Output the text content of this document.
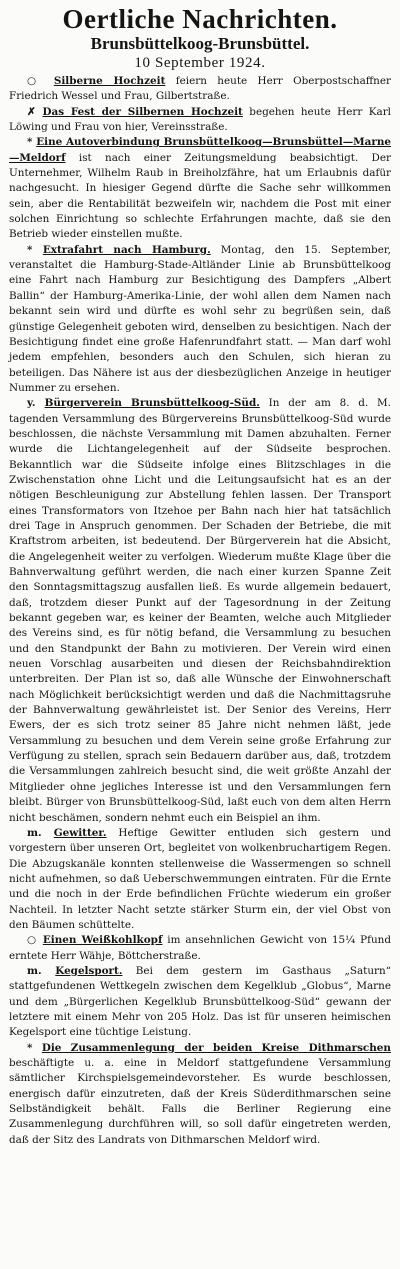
Oertliche Nachrichten.
Brunsbüttelkoog-Brunsbüttel.
10 September 1924.

○ Silberne Hochzeit feiern heute Herr Oberpostschaffner Friedrich Wessel und Frau, Gilbertstraße.

✗ Das Fest der Silbernen Hochzeit begehen heute Herr Karl Löwing und Frau von hier, Vereinsstraße.

* Eine Autoverbindung Brunsbüttelkoog—Brunsbüttel—Marne—Meldorf ist nach einer Zeitungsmeldung beabsichtigt. Der Unternehmer, Wilhelm Raub in Breiholzfähre, hat um Erlaubnis dafür nachgesucht. In hiesiger Gegend dürfte die Sache sehr willkommen sein, aber die Rentabilität bezweifeln wir, nachdem die Post mit einer solchen Einrichtung so schlechte Erfahrungen machte, daß sie den Betrieb wieder einstellen mußte.

* Extrafahrt nach Hamburg. Montag, den 15. September, veranstaltet die Hamburg-Stade-Altländer Linie ab Brunsbüttelkoog eine Fahrt nach Hamburg zur Besichtigung des Dampfers „Albert Ballin“ der Hamburg-Amerika-Linie, der wohl allen dem Namen nach bekannt sein wird und dürfte es wohl sehr zu begrüßen sein, daß günstige Gelegenheit geboten wird, denselben zu besichtigen. Nach der Besichtigung findet eine große Hafenrundfahrt statt. — Man darf wohl jedem empfehlen, besonders auch den Schulen, sich hieran zu beteiligen. Das Nähere ist aus der diesbezüglichen Anzeige in heutiger Nummer zu ersehen.

y. Bürgerverein Brunsbüttelkoog-Süd. In der am 8. d. M. tagenden Versammlung des Bürgervereins Brunsbüttelkoog-Süd wurde beschlossen, die nächste Versammlung mit Damen abzuhalten. Ferner wurde die Lichtangelegenheit auf der Südseite besprochen. Bekanntlich war die Südseite infolge eines Blitzschlages in die Zwischenstation ohne Licht und die Leitungsaufsicht hat es an der nötigen Beschleunigung zur Abstellung fehlen lassen. Der Transport eines Transformators von Itzehoe per Bahn nach hier hat tatsächlich drei Tage in Anspruch genommen. Der Schaden der Betriebe, die mit Kraftstrom arbeiten, ist bedeutend. Der Bürgerverein hat die Absicht, die Angelegenheit weiter zu verfolgen. Wiederum mußte Klage über die Bahnverwaltung geführt werden, die nach einer kurzen Spanne Zeit den Sonntagsmittagszug ausfallen ließ. Es wurde allgemein bedauert, daß, trotzdem dieser Punkt auf der Tagesordnung in der Zeitung bekannt gegeben war, es keiner der Beamten, welche auch Mitglieder des Vereins sind, es für nötig befand, die Versammlung zu besuchen und den Standpunkt der Bahn zu motivieren. Der Verein wird einen neuen Vorschlag ausarbeiten und diesen der Reichsbahndirektion unterbreiten. Der Plan ist so, daß alle Wünsche der Einwohnerschaft nach Möglichkeit berücksichtigt werden und daß die Nachmittagsruhe der Bahnverwaltung gewährleistet ist. Der Senior des Vereins, Herr Ewers, der es sich trotz seiner 85 Jahre nicht nehmen läßt, jede Versammlung zu besuchen und dem Verein seine große Erfahrung zur Verfügung zu stellen, sprach sein Bedauern darüber aus, daß, trotzdem die Versammlungen zahlreich besucht sind, die weit größte Anzahl der Mitglieder ohne jegliches Interesse ist und den Versammlungen fern bleibt. Bürger von Brunsbüttelkoog-Süd, laßt euch von dem alten Herrn nicht beschämen, sondern nehmt euch ein Beispiel an ihm.

m. Gewitter. Heftige Gewitter entluden sich gestern und vorgestern über unseren Ort, begleitet von wolkenbruchartigem Regen. Die Abzugskanäle konnten stellenweise die Wassermengen so schnell nicht aufnehmen, so daß Ueberschwemmungen eintraten. Für die Ernte und die noch in der Erde befindlichen Früchte wiederum ein großer Nachteil. In letzter Nacht setzte stärker Sturm ein, der viel Obst von den Bäumen schüttelte.

○ Einen Weißkohlkopf im ansehnlichen Gewicht von 15¼ Pfund erntete Herr Wähje, Böttcherstraße.

m. Kegelsport. Bei dem gestern im Gasthaus „Saturn“ stattgefundenen Wettkegeln zwischen dem Kegelklub „Globus“, Marne und dem „Bürgerlichen Kegelklub Brunsbüttelkoog-Süd“ gewann der letztere mit einem Mehr von 205 Holz. Das ist für unseren heimischen Kegelsport eine tüchtige Leistung.

* Die Zusammenlegung der beiden Kreise Dithmarschen beschäftigte u. a. eine in Meldorf stattgefundene Versammlung sämtlicher Kirchspielsgemeindevorsteher. Es wurde beschlossen, energisch dafür einzutreten, daß der Kreis Süderdithmarschen seine Selbständigkeit behält. Falls die Berliner Regierung eine Zusammenlegung durchführen will, so soll dafür eingetreten werden, daß der Sitz des Landrats von Dithmarschen Meldorf wird.
